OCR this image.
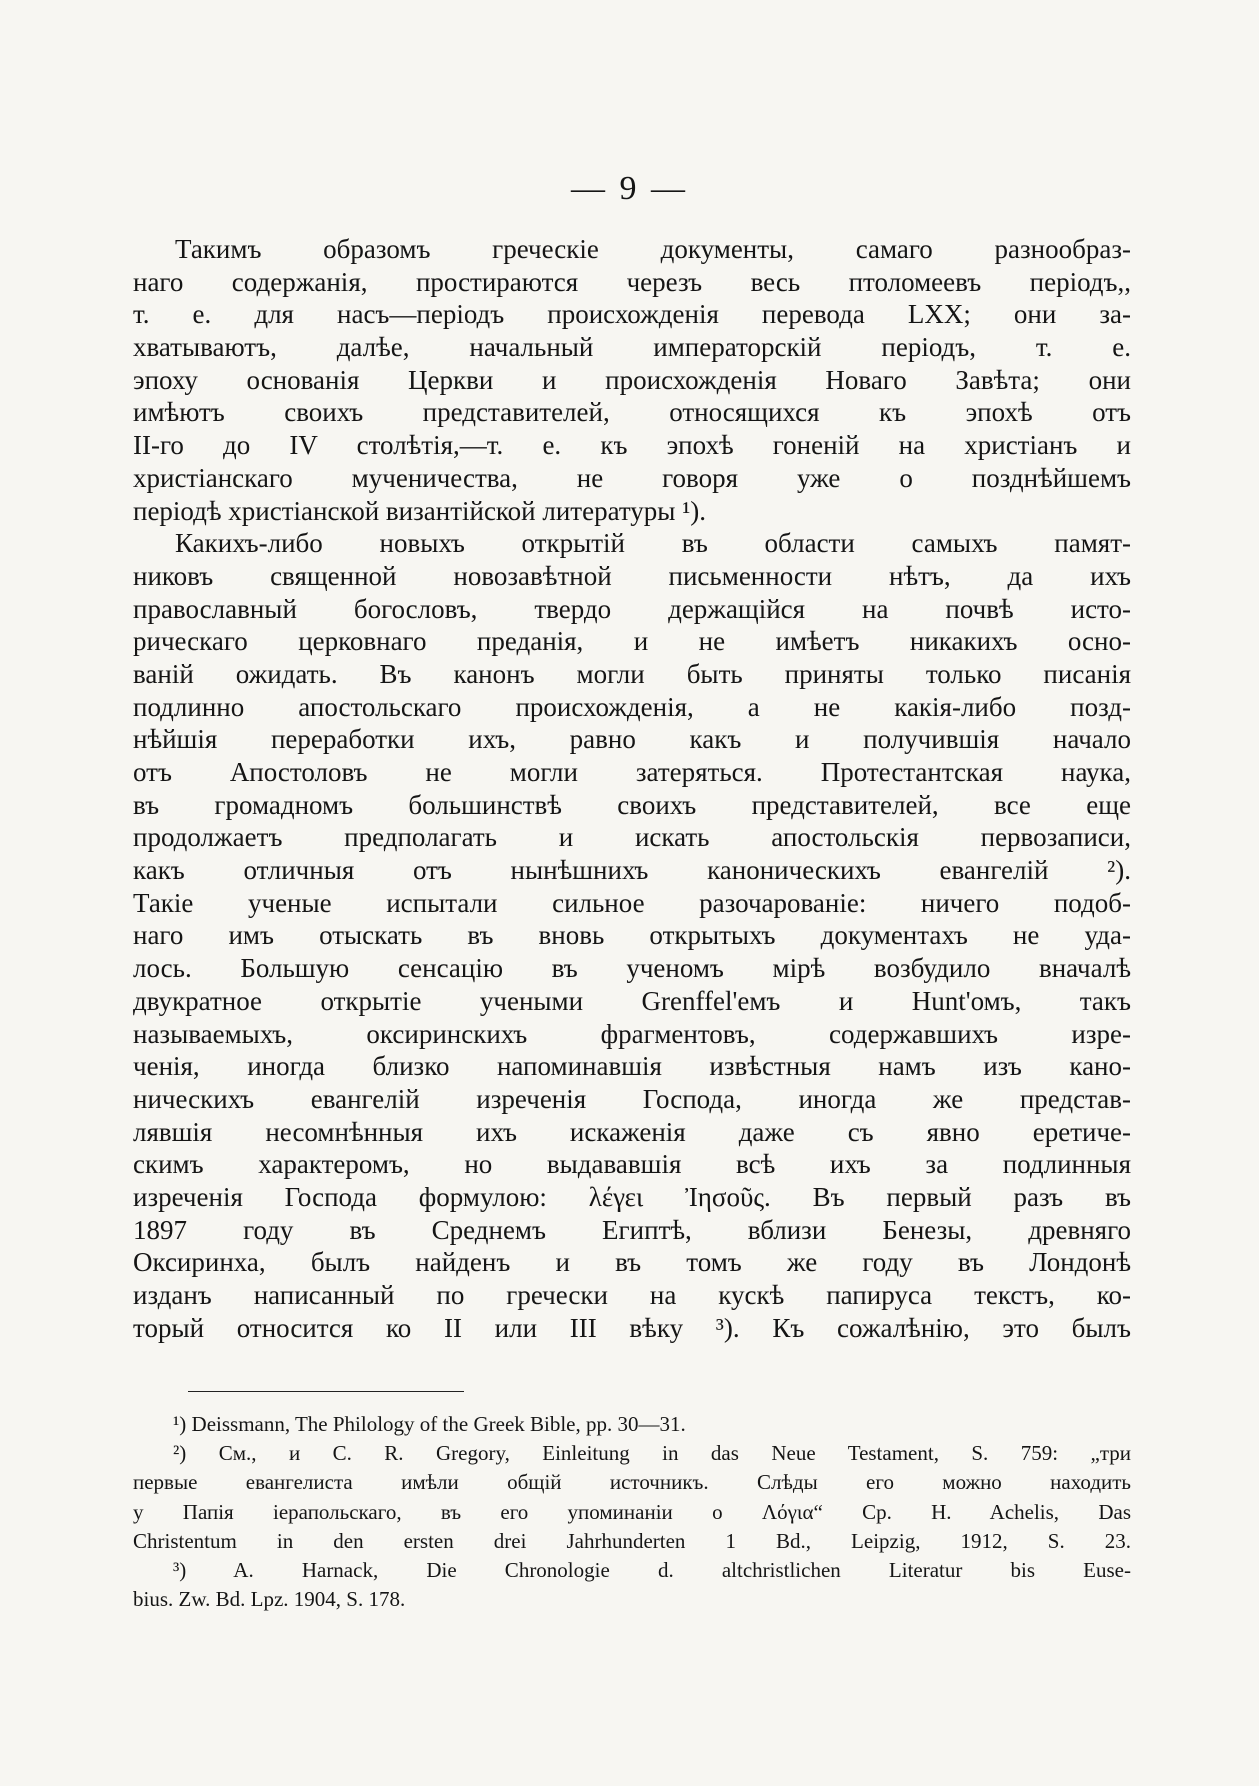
— 9 —
Такимъ образомъ греческіе документы, самаго разнообраз-
наго содержанія, простираются черезъ весь птоломеевъ періодъ,,
т. е. для насъ—періодъ происхожденія перевода LXX; они за-
хватываютъ, далѣе, начальный императорскій періодъ, т. е.
эпоху основанія Церкви и происхожденія Новаго Завѣта; они
имѣютъ своихъ представителей, относящихся къ эпохѣ отъ
II-го до IV столѣтія,—т. е. къ эпохѣ гоненій на христіанъ и
христіанскаго мученичества, не говоря уже о позднѣйшемъ
періодѣ христіанской византійской литературы ¹).
Какихъ-либо новыхъ открытій въ области самыхъ памят-
никовъ священной новозавѣтной письменности нѣтъ, да ихъ
православный богословъ, твердо держащійся на почвѣ исто-
рическаго церковнаго преданія, и не имѣетъ никакихъ осно-
ваній ожидать. Въ канонъ могли быть приняты только писанія
подлинно апостольскаго происхожденія, а не какія-либо позд-
нѣйшія переработки ихъ, равно какъ и получившія начало
отъ Апостоловъ не могли затеряться. Протестантская наука,
въ громадномъ большинствѣ своихъ представителей, все еще
продолжаетъ предполагать и искать апостольскія первозаписи,
какъ отличныя отъ нынѣшнихъ каноническихъ евангелій ²).
Такіе ученые испытали сильное разочарованіе: ничего подоб-
наго имъ отыскать въ вновь открытыхъ документахъ не уда-
лось. Большую сенсацію въ ученомъ мірѣ возбудило вначалѣ
двукратное открытіе учеными Grenffel'емъ и Hunt'омъ, такъ
называемыхъ, оксиринскихъ фрагментовъ, содержавшихъ изре-
ченія, иногда близко напоминавшія извѣстныя намъ изъ кано-
ническихъ евангелій изреченія Господа, иногда же представ-
лявшія несомнѣнныя ихъ искаженія даже съ явно еретиче-
скимъ характеромъ, но выдававшія всѣ ихъ за подлинныя
изреченія Господа формулою: λέγει Ἰησοῦς. Въ первый разъ въ
1897 году въ Среднемъ Египтѣ, вблизи Бенезы, древняго
Оксиринха, былъ найденъ и въ томъ же году въ Лондонѣ
изданъ написанный по гречески на кускѣ папируса текстъ, ко-
торый относится ко II или III вѣку ³). Къ сожалѣнію, это былъ
¹) Deissmann, The Philology of the Greek Bible, pp. 30—31.
²) См., и C. R. Gregory, Einleitung in das Neue Testament, S. 759: „три
первые евангелиста имѣли общій источникъ. Слѣды его можно находить
у Папія іерапольскаго, въ его упоминаніи о Λόγια“ Cp. H. Achelis, Das
Christentum in den ersten drei Jahrhunderten 1 Bd., Leipzig, 1912, S. 23.
³) A. Harnack, Die Chronologie d. altchristlichen Literatur bis Euse-
bius. Zw. Bd. Lpz. 1904, S. 178.
